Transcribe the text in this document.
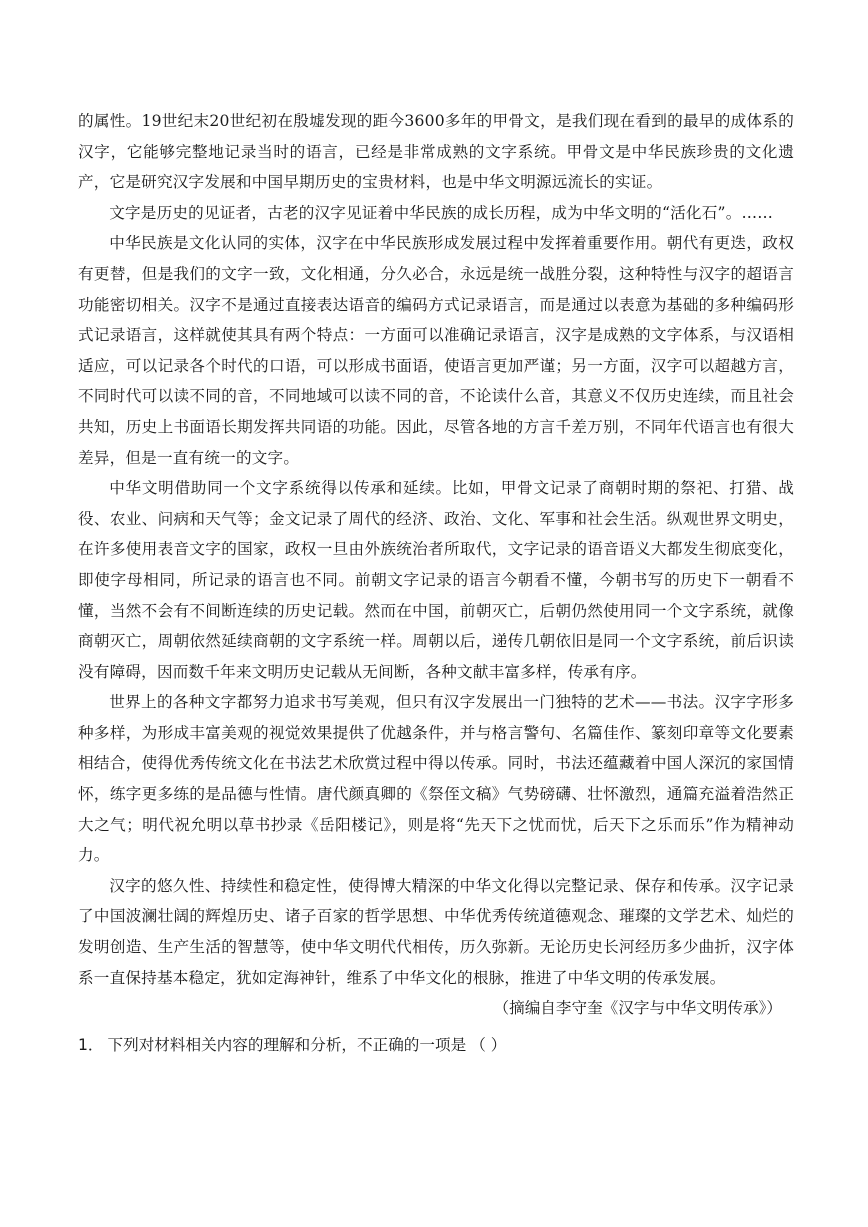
的属性。19世纪末20世纪初在殷墟发现的距今3600多年的甲骨文，是我们现在看到的最早的成体系的汉字，它能够完整地记录当时的语言，已经是非常成熟的文字系统。甲骨文是中华民族珍贵的文化遗产，它是研究汉字发展和中国早期历史的宝贵材料，也是中华文明源远流长的实证。

文字是历史的见证者，古老的汉字见证着中华民族的成长历程，成为中华文明的“活化石”。……

中华民族是文化认同的实体，汉字在中华民族形成发展过程中发挥着重要作用。朝代有更迭，政权有更替，但是我们的文字一致，文化相通，分久必合，永远是统一战胜分裂，这种特性与汉字的超语言功能密切相关。汉字不是通过直接表达语音的编码方式记录语言，而是通过以表意为基础的多种编码形式记录语言，这样就使其具有两个特点：一方面可以准确记录语言，汉字是成熟的文字体系，与汉语相适应，可以记录各个时代的口语，可以形成书面语，使语言更加严谨；另一方面，汉字可以超越方言，不同时代可以读不同的音，不同地域可以读不同的音，不论读什么音，其意义不仅历史连续，而且社会共知，历史上书面语长期发挥共同语的功能。因此，尽管各地的方言千差万别，不同年代语言也有很大差异，但是一直有统一的文字。

中华文明借助同一个文字系统得以传承和延续。比如，甲骨文记录了商朝时期的祭祀、打猎、战役、农业、问病和天气等；金文记录了周代的经济、政治、文化、军事和社会生活。纵观世界文明史，在许多使用表音文字的国家，政权一旦由外族统治者所取代，文字记录的语音语义大都发生彻底变化，即使字母相同，所记录的语言也不同。前朝文字记录的语言今朝看不懂，今朝书写的历史下一朝看不懂，当然不会有不间断连续的历史记载。然而在中国，前朝灭亡，后朝仍然使用同一个文字系统，就像商朝灭亡，周朝依然延续商朝的文字系统一样。周朝以后，递传几朝依旧是同一个文字系统，前后识读没有障碍，因而数千年来文明历史记载从无间断，各种文献丰富多样，传承有序。

世界上的各种文字都努力追求书写美观，但只有汉字发展出一门独特的艺术——书法。汉字字形多种多样，为形成丰富美观的视觉效果提供了优越条件，并与格言警句、名篇佳作、篆刻印章等文化要素相结合，使得优秀传统文化在书法艺术欣赏过程中得以传承。同时，书法还蕴藏着中国人深沉的家国情怀，练字更多练的是品德与性情。唐代颜真卿的《祭侄文稿》气势磅礴、壮怀激烈，通篇充溢着浩然正大之气；明代祝允明以草书抄录《岳阳楼记》，则是将“先天下之忧而忧，后天下之乐而乐”作为精神动力。

汉字的悠久性、持续性和稳定性，使得博大精深的中华文化得以完整记录、保存和传承。汉字记录了中国波澜壮阔的辉煌历史、诸子百家的哲学思想、中华优秀传统道德观念、璀璨的文学艺术、灿烂的发明创造、生产生活的智慧等，使中华文明代代相传，历久弥新。无论历史长河经历多少曲折，汉字体系一直保持基本稳定，犹如定海神针，维系了中华文化的根脉，推进了中华文明的传承发展。

（摘编自李守奎《汉字与中华文明传承》）

1． 下列对材料相关内容的理解和分析，不正确的一项是 （ ）
